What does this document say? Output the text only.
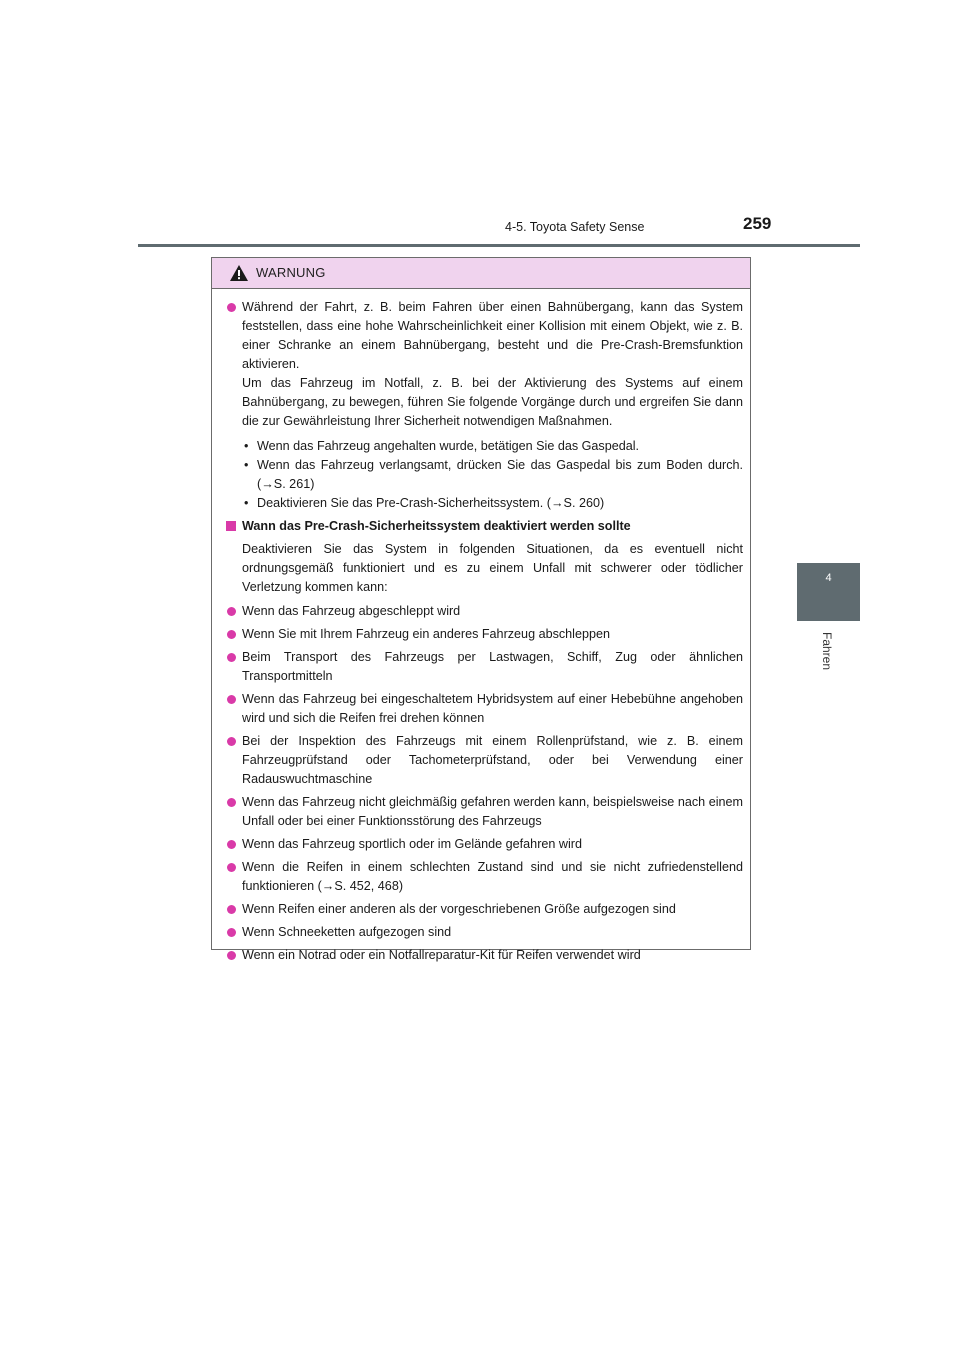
4-5. Toyota Safety Sense	259
4
Fahren
WARNUNG
Während der Fahrt, z. B. beim Fahren über einen Bahnübergang, kann das System feststellen, dass eine hohe Wahrscheinlichkeit einer Kollision mit einem Objekt, wie z. B. einer Schranke an einem Bahnübergang, besteht und die Pre-Crash-Bremsfunktion aktivieren.
Um das Fahrzeug im Notfall, z. B. bei der Aktivierung des Systems auf einem Bahnübergang, zu bewegen, führen Sie folgende Vorgänge durch und ergreifen Sie dann die zur Gewährleistung Ihrer Sicherheit notwendigen Maßnahmen.
• Wenn das Fahrzeug angehalten wurde, betätigen Sie das Gaspedal.
• Wenn das Fahrzeug verlangsamt, drücken Sie das Gaspedal bis zum Boden durch. (→S. 261)
• Deaktivieren Sie das Pre-Crash-Sicherheitssystem. (→S. 260)
Wann das Pre-Crash-Sicherheitssystem deaktiviert werden sollte
Deaktivieren Sie das System in folgenden Situationen, da es eventuell nicht ordnungsgemäß funktioniert und es zu einem Unfall mit schwerer oder tödlicher Verletzung kommen kann:
Wenn das Fahrzeug abgeschleppt wird
Wenn Sie mit Ihrem Fahrzeug ein anderes Fahrzeug abschleppen
Beim Transport des Fahrzeugs per Lastwagen, Schiff, Zug oder ähnlichen Transportmitteln
Wenn das Fahrzeug bei eingeschaltetem Hybridsystem auf einer Hebebühne angehoben wird und sich die Reifen frei drehen können
Bei der Inspektion des Fahrzeugs mit einem Rollenprüfstand, wie z. B. einem Fahrzeugprüfstand oder Tachometerprüfstand, oder bei Verwendung einer Radauswuchtmaschine
Wenn das Fahrzeug nicht gleichmäßig gefahren werden kann, beispielsweise nach einem Unfall oder bei einer Funktionsstörung des Fahrzeugs
Wenn das Fahrzeug sportlich oder im Gelände gefahren wird
Wenn die Reifen in einem schlechten Zustand sind und sie nicht zufriedenstellend funktionieren (→S. 452, 468)
Wenn Reifen einer anderen als der vorgeschriebenen Größe aufgezogen sind
Wenn Schneeketten aufgezogen sind
Wenn ein Notrad oder ein Notfallreparatur-Kit für Reifen verwendet wird
